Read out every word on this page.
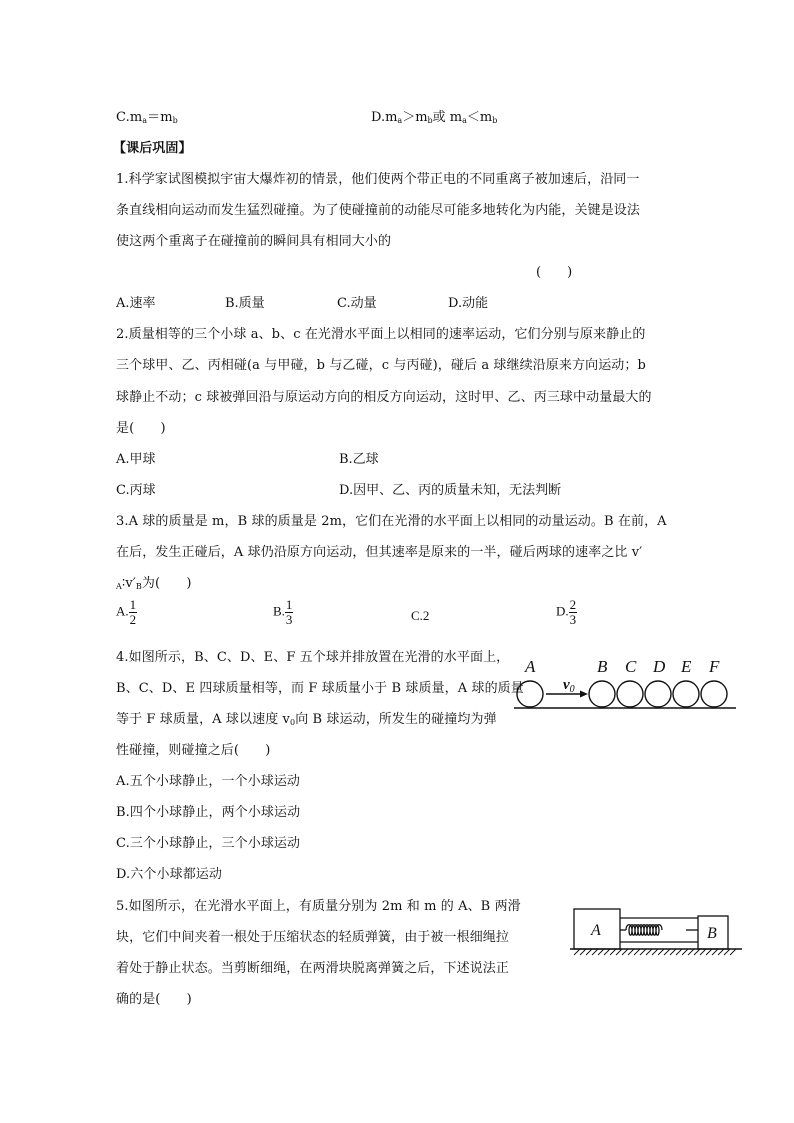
$C.m_a=m_b$	$D.m_a>m_b$或 $m_a<m_b$
【课后巩固】
1.科学家试图模拟宇宙大爆炸初的情景，他们使两个带正电的不同重离子被加速后，沿同一
条直线相向运动而发生猛烈碰撞。为了使碰撞前的动能尽可能多地转化为内能，关键是设法
使这两个重离子在碰撞前的瞬间具有相同大小的
(　　)
A.速率	B.质量	C.动量	D.动能
2.质量相等的三个小球 a、b、c 在光滑水平面上以相同的速率运动，它们分别与原来静止的
三个球甲、乙、丙相碰(a 与甲碰，b 与乙碰，c 与丙碰)，碰后 a 球继续沿原来方向运动；b
球静止不动；c 球被弹回沿与原运动方向的相反方向运动，这时甲、乙、丙三球中动量最大的
是(　　)
A.甲球	B.乙球
C.丙球	D.因甲、乙、丙的质量未知，无法判断
3.A 球的质量是 m，B 球的质量是 2m，它们在光滑的水平面上以相同的动量运动。B 在前，A
在后，发生正碰后，A 球仍沿原方向运动，但其速率是原来的一半，碰后两球的速率之比 v′
$_A∶v'_B$为(　　)
A. $\frac{1}{2}$	B. $\frac{1}{3}$	C.2	D. $\frac{2}{3}$
4.如图所示，B、C、D、E、F 五个球并排放置在光滑的水平面上，
B、C、D、E 四球质量相等，而 F 球质量小于 B 球质量，A 球的质量
等于 F 球质量，A 球以速度 $v_0$向 B 球运动，所发生的碰撞均为弹
性碰撞，则碰撞之后(　　)
A.五个小球静止，一个小球运动
B.四个小球静止，两个小球运动
C.三个小球静止，三个小球运动
D.六个小球都运动
A	B C D E F
$v_0$
5.如图所示，在光滑水平面上，有质量分别为 2m 和 m 的 A、B 两滑
块，它们中间夹着一根处于压缩状态的轻质弹簧，由于被一根细绳拉
着处于静止状态。当剪断细绳，在两滑块脱离弹簧之后，下述说法正
确的是(　　)
A	B
